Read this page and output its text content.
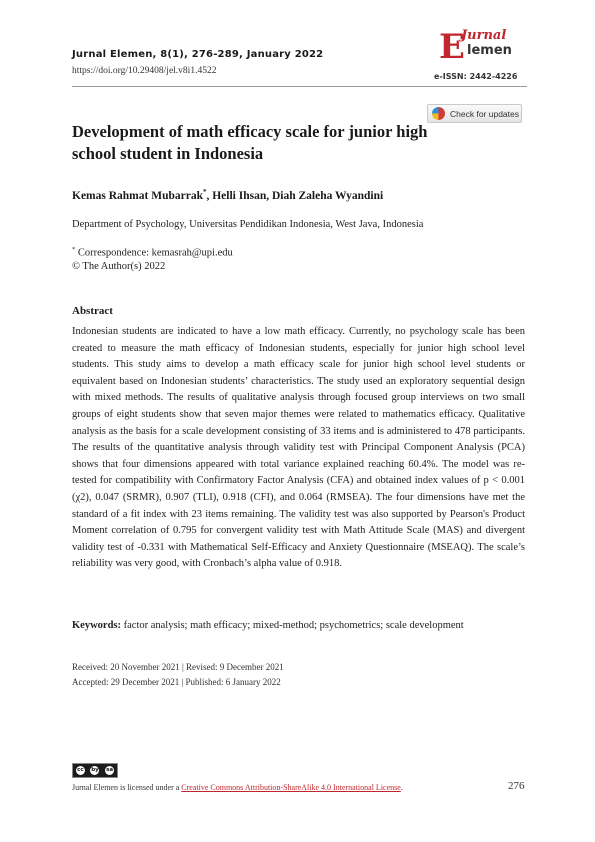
Jurnal Elemen, 8(1), 276-289, January 2022
https://doi.org/10.29408/jel.v8i1.4522
E
Jurnal
lemen
e-ISSN: 2442-4226
Check for updates
Development of math efficacy scale for junior high school student in Indonesia
Kemas Rahmat Mubarrak*, Helli Ihsan, Diah Zaleha Wyandini
Department of Psychology, Universitas Pendidikan Indonesia, West Java, Indonesia
* Correspondence: kemasrah@upi.edu
© The Author(s) 2022
Abstract
Indonesian students are indicated to have a low math efficacy. Currently, no psychology scale has been created to measure the math efficacy of Indonesian students, especially for junior high school level students. This study aims to develop a math efficacy scale for junior high school level students or equivalent based on Indonesian students’ characteristics. The study used an exploratory sequential design with mixed methods. The results of qualitative analysis through focused group interviews on two small groups of eight students show that seven major themes were related to mathematics efficacy. Qualitative analysis as the basis for a scale development consisting of 33 items and is administered to 478 participants. The results of the quantitative analysis through validity test with Principal Component Analysis (PCA) shows that four dimensions appeared with total variance explained reaching 60.4%. The model was re-tested for compatibility with Confirmatory Factor Analysis (CFA) and obtained index values of p < 0.001 (χ2), 0.047 (SRMR), 0.907 (TLI), 0.918 (CFI), and 0.064 (RMSEA). The four dimensions have met the standard of a fit index with 23 items remaining. The validity test was also supported by Pearson's Product Moment correlation of 0.795 for convergent validity test with Math Attitude Scale (MAS) and divergent validity test of -0.331 with Mathematical Self-Efficacy and Anxiety Questionnaire (MSEAQ). The scale’s reliability was very good, with Cronbach’s alpha value of 0.918.
Keywords: factor analysis; math efficacy; mixed-method; psychometrics; scale development
Received: 20 November 2021 | Revised: 9 December 2021
Accepted: 29 December 2021 | Published: 6 January 2022
cc by sa
Jurnal Elemen is licensed under a Creative Commons Attribution-ShareAlike 4.0 International License.	276
